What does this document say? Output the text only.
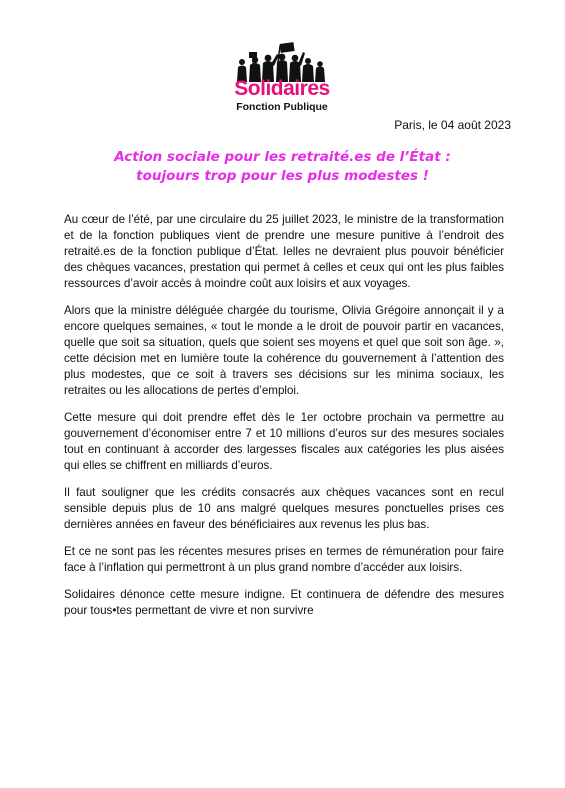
Solidaires
Fonction Publique
Paris, le 04 août 2023
Action sociale pour les retraité.es de l’État :
toujours trop pour les plus modestes !

Au cœur de l’été, par une circulaire du 25 juillet 2023, le ministre de la transformation et de la fonction publiques vient de prendre une mesure punitive à l’endroit des retraité.es de la fonction publique d’État. Ielles ne devraient plus pouvoir bénéficier des chèques vacances, prestation qui permet à celles et ceux qui ont les plus faibles ressources d’avoir accès à moindre coût aux loisirs et aux voyages.

Alors que la ministre déléguée chargée du tourisme, Olivia Grégoire annonçait il y a encore quelques semaines, « tout le monde a le droit de pouvoir partir en vacances, quelle que soit sa situation, quels que soient ses moyens et quel que soit son âge. », cette décision met en lumière toute la cohérence du gouvernement à l’attention des plus modestes, que ce soit à travers ses décisions sur les minima sociaux, les retraites ou les allocations de pertes d’emploi.

Cette mesure qui doit prendre effet dès le 1er octobre prochain va permettre au gouvernement d’économiser entre 7 et 10 millions d’euros sur des mesures sociales tout en continuant à accorder des largesses fiscales aux catégories les plus aisées qui elles se chiffrent en milliards d’euros.

Il faut souligner que les crédits consacrés aux chèques vacances sont en recul sensible depuis plus de 10 ans malgré quelques mesures ponctuelles prises ces dernières années en faveur des bénéficiaires aux revenus les plus bas.

Et ce ne sont pas les récentes mesures prises en termes de rémunération pour faire face à l’inflation qui permettront à un plus grand nombre d’accéder aux loisirs.

Solidaires dénonce cette mesure indigne. Et continuera de défendre des mesures pour tous•tes permettant de vivre et non survivre
